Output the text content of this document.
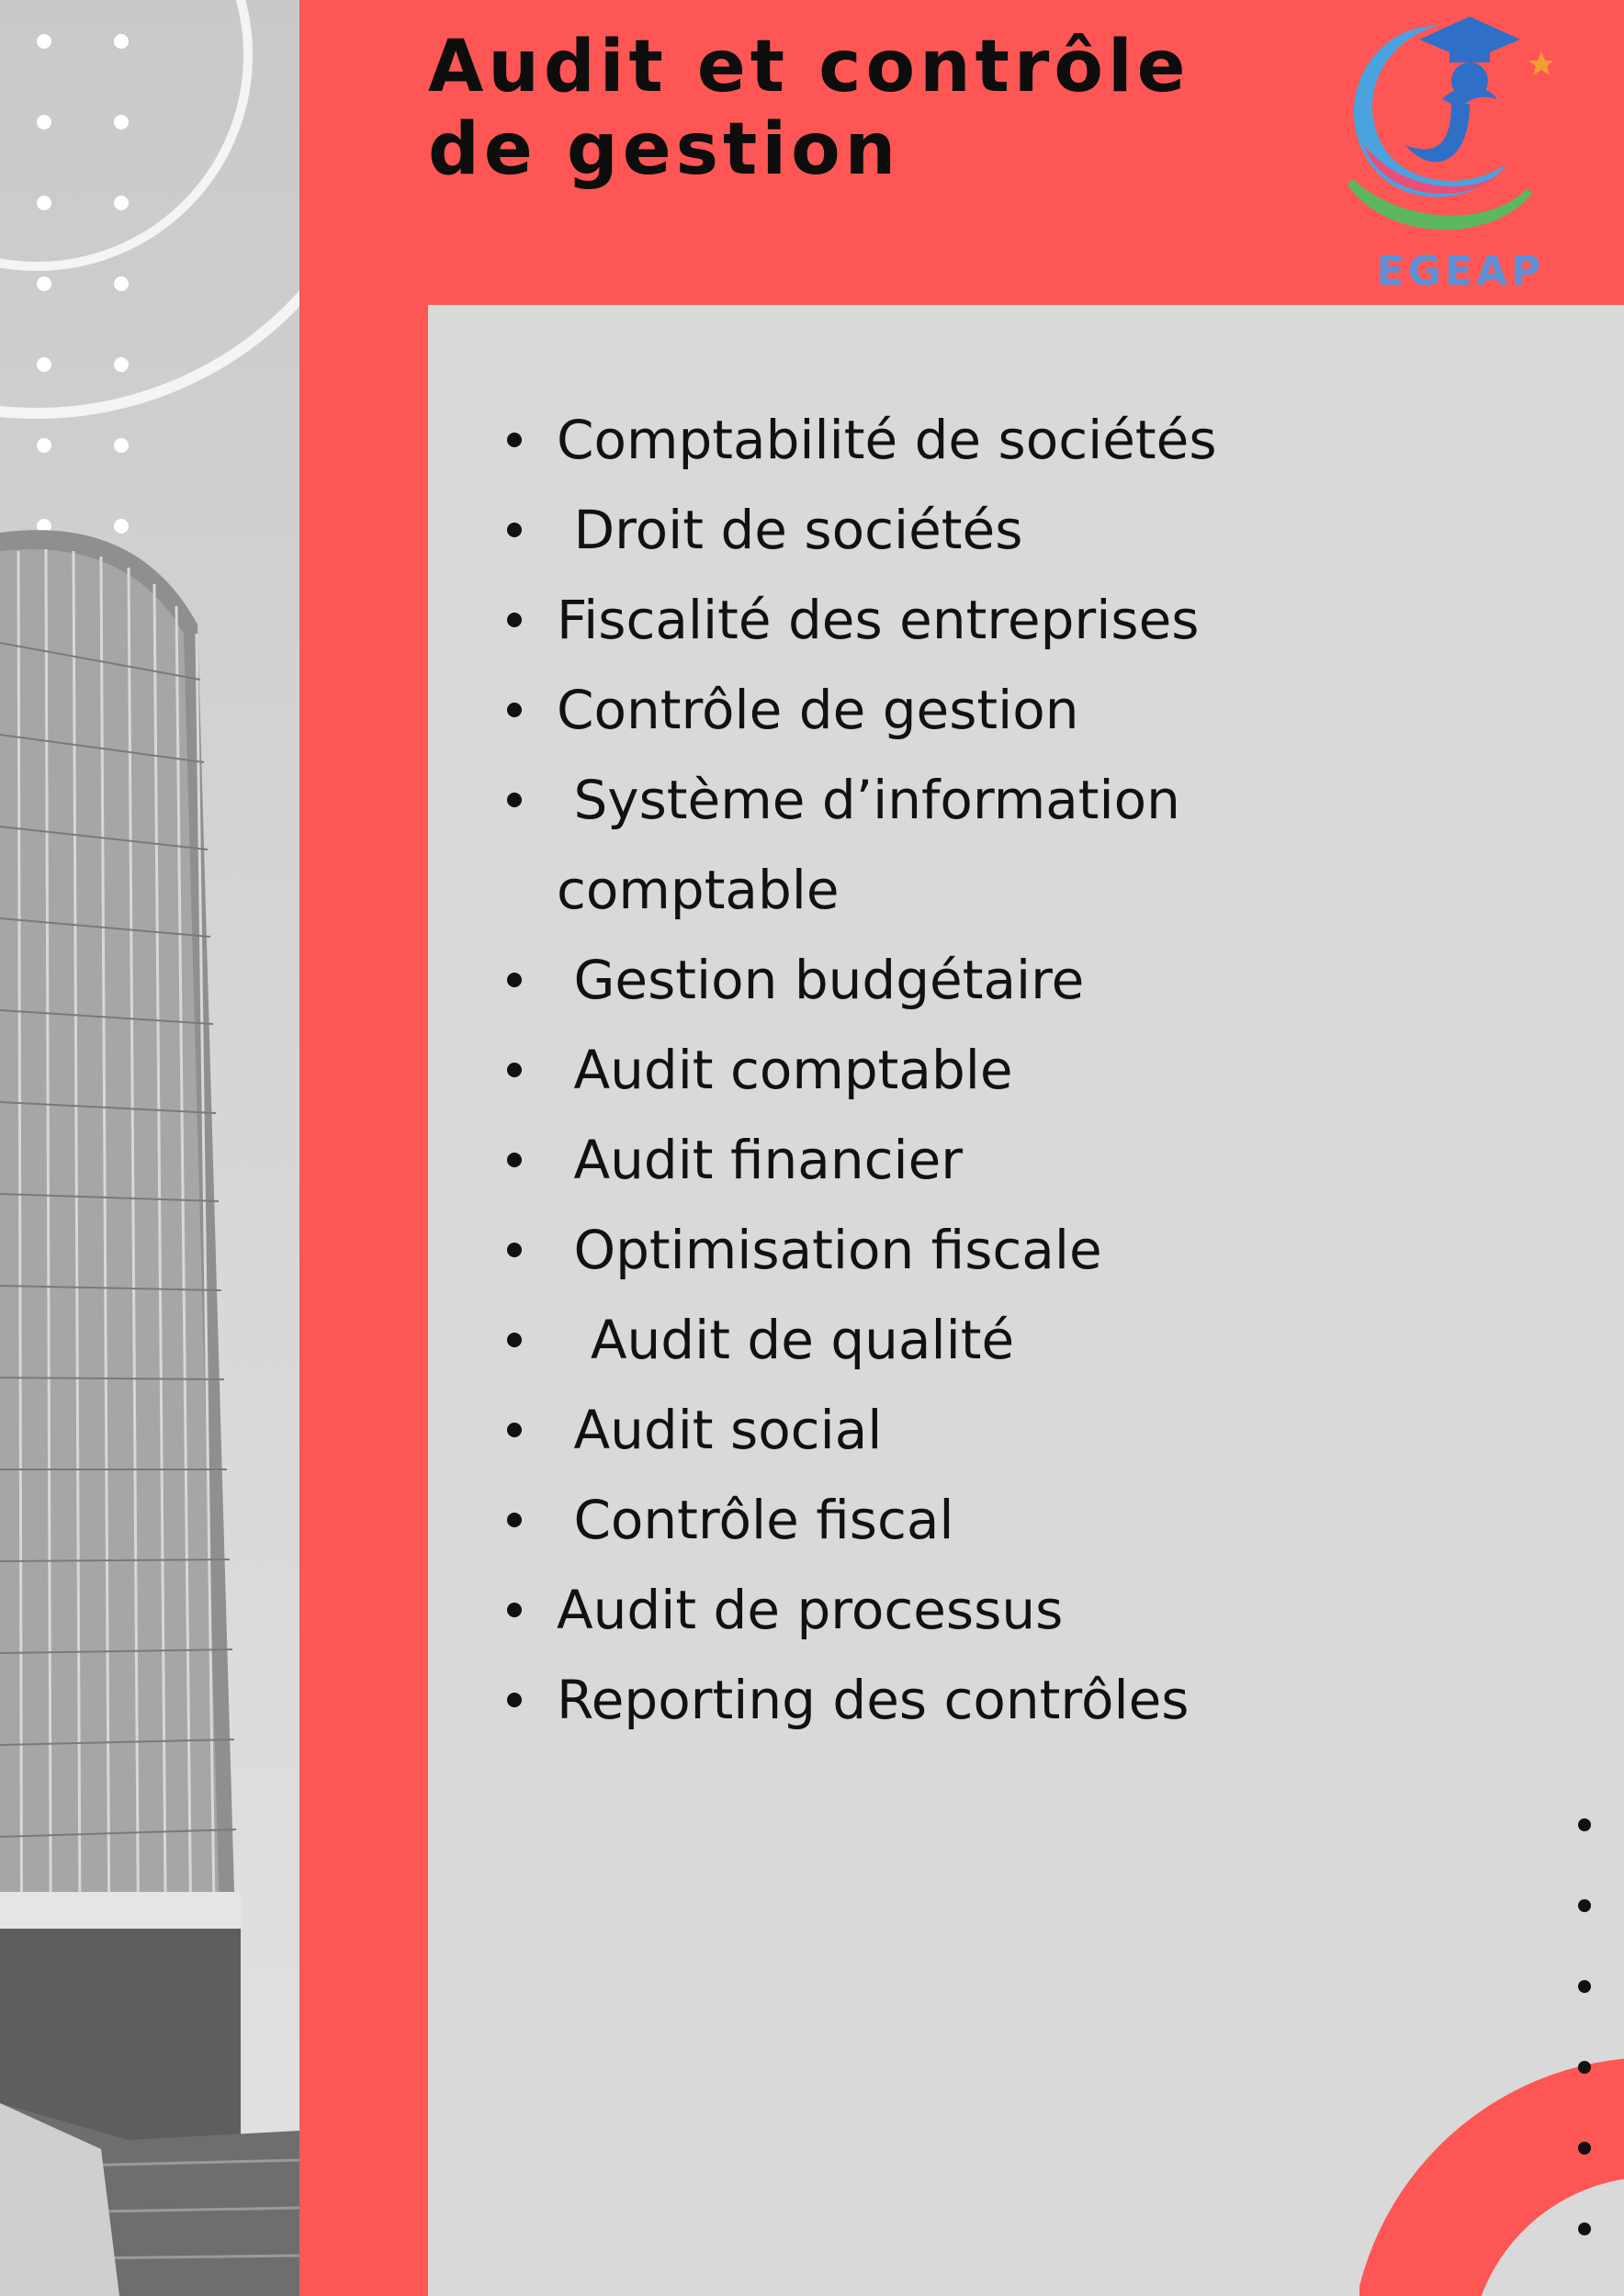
Audit et contrôle
de gestion
EGEAP
Comptabilité de sociétés
Droit de sociétés
Fiscalité des entreprises
Contrôle de gestion
Système d’information
comptable
Gestion budgétaire
Audit comptable
Audit financier
Optimisation fiscale
Audit de qualité
Audit social
Contrôle fiscal
Audit de processus
Reporting des contrôles
